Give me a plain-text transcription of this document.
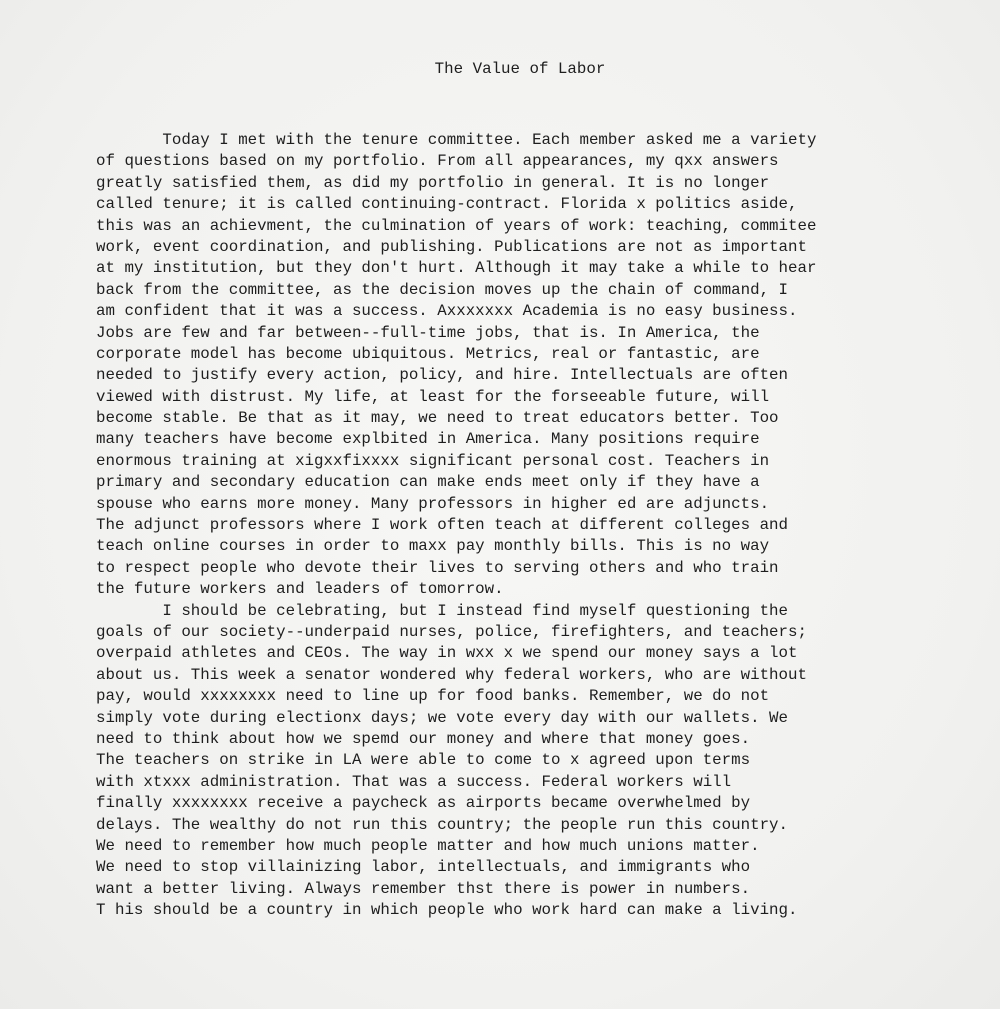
The Value of Labor
Today I met with the tenure committee. Each member asked me a variety
of questions based on my portfolio. From all appearances, my qxx answers
greatly satisfied them, as did my portfolio in general. It is no longer
called tenure; it is called continuing-contract. Florida x politics aside,
this was an achievment, the culmination of years of work: teaching, commitee
work, event coordination, and publishing. Publications are not as important
at my institution, but they don't hurt. Although it may take a while to hear
back from the committee, as the decision moves up the chain of command, I
am confident that it was a success. Axxxxxxx Academia is no easy business.
Jobs are few and far between--full-time jobs, that is. In America, the
corporate model has become ubiquitous. Metrics, real or fantastic, are
needed to justify every action, policy, and hire. Intellectuals are often
viewed with distrust. My life, at least for the forseeable future, will
become stable. Be that as it may, we need to treat educators better. Too
many teachers have become explbited in America. Many positions require
enormous training at xigxxfixxxx significant personal cost. Teachers in
primary and secondary education can make ends meet only if they have a
spouse who earns more money. Many professors in higher ed are adjuncts.
The adjunct professors where I work often teach at different colleges and
teach online courses in order to maxx pay monthly bills. This is no way
to respect people who devote their lives to serving others and who train
the future workers and leaders of tomorrow.
I should be celebrating, but I instead find myself questioning the
goals of our society--underpaid nurses, police, firefighters, and teachers;
overpaid athletes and CEOs. The way in wxx x we spend our money says a lot
about us. This week a senator wondered why federal workers, who are without
pay, would xxxxxxxx need to line up for food banks. Remember, we do not
simply vote during electionx days; we vote every day with our wallets. We
need to think about how we spemd our money and where that money goes.
The teachers on strike in LA were able to come to x agreed upon terms
with xtxxx administration. That was a success. Federal workers will
finally xxxxxxxx receive a paycheck as airports became overwhelmed by
delays. The wealthy do not run this country; the people run this country.
We need to remember how much people matter and how much unions matter.
We need to stop villainizing labor, intellectuals, and immigrants who
want a better living. Always remember thst there is power in numbers.
T his should be a country in which people who work hard can make a living.
